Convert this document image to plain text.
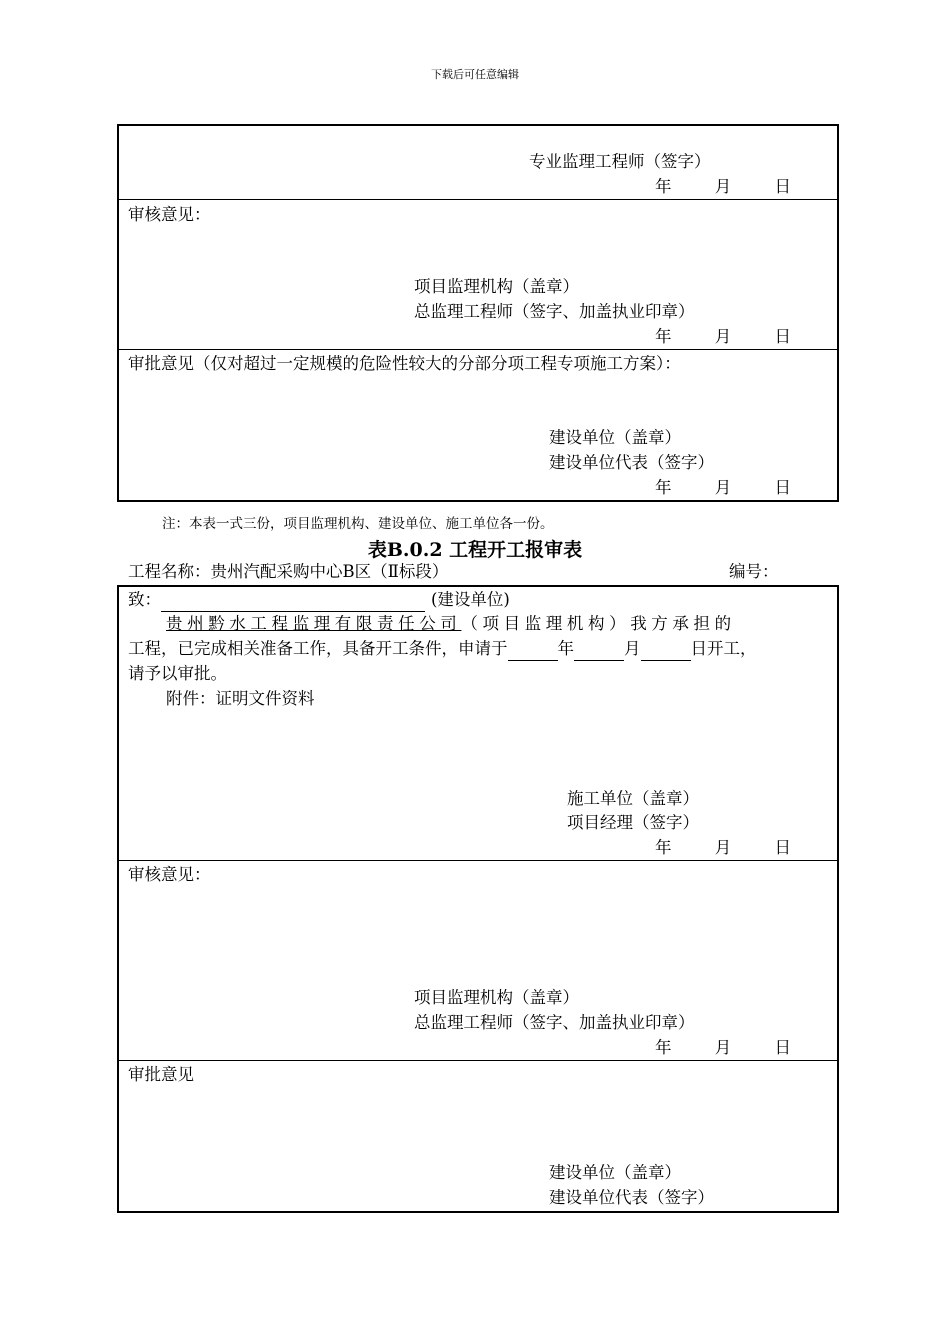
下载后可任意编辑
专业监理工程师（签字）
年	月	日
审核意见：
项目监理机构（盖章）
总监理工程师（签字、加盖执业印章）
年	月	日
审批意见（仅对超过一定规模的危险性较大的分部分项工程专项施工方案）：
建设单位（盖章）
建设单位代表（签字）
年	月	日
注：本表一式三份，项目监理机构、建设单位、施工单位各一份。
表B.0.2 工程开工报审表
工程名称：贵州汽配采购中心B区（Ⅱ标段）	编号：
致：	(建设单位)
贵州黔水工程监理有限责任公司（项目监理机构）我方承担的
工程，已完成相关准备工作，具备开工条件，申请于	年	月	日开工，
请予以审批。
附件：证明文件资料
施工单位（盖章）
项目经理（签字）
年	月	日
审核意见：
项目监理机构（盖章）
总监理工程师（签字、加盖执业印章）
年	月	日
审批意见
建设单位（盖章）
建设单位代表（签字）
